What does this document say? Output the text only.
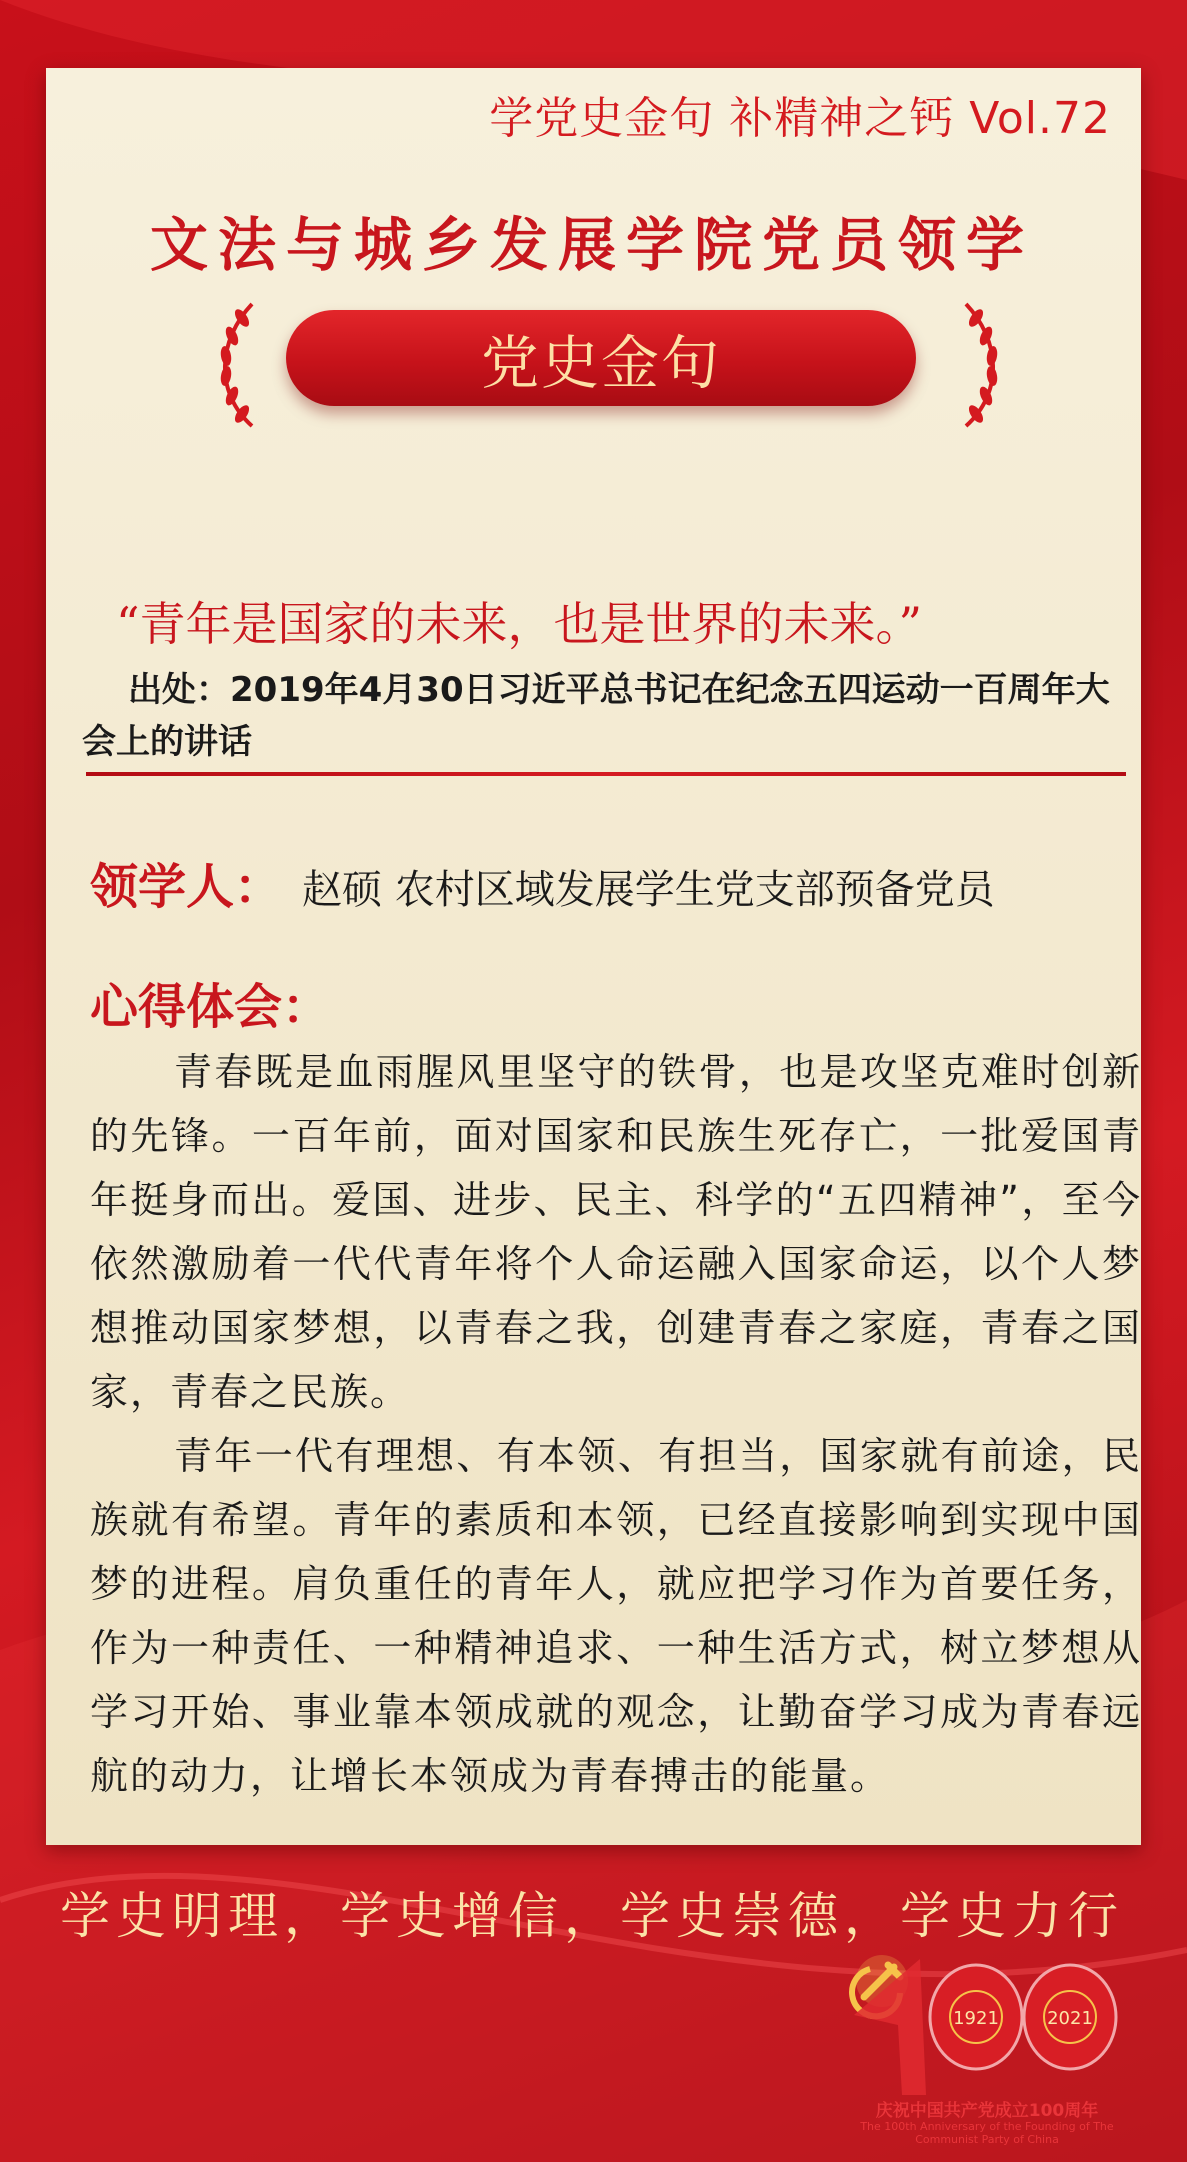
学党史金句 补精神之钙 Vol.72
文法与城乡发展学院党员领学
党史金句
“青年是国家的未来，也是世界的未来。”
出处：2019年4月30日习近平总书记在纪念五四运动一百周年大会上的讲话
领学人： 赵硕 农村区域发展学生党支部预备党员
心得体会：

青春既是血雨腥风里坚守的铁骨，也是攻坚克难时创新的先锋。一百年前，面对国家和民族生死存亡，一批爱国青年挺身而出。爱国、进步、民主、科学的“五四精神”，至今依然激励着一代代青年将个人命运融入国家命运，以个人梦想推动国家梦想，以青春之我，创建青春之家庭，青春之国家，青春之民族。

青年一代有理想、有本领、有担当，国家就有前途，民族就有希望。青年的素质和本领，已经直接影响到实现中国梦的进程。肩负重任的青年人，就应把学习作为首要任务，作为一种责任、一种精神追求、一种生活方式，树立梦想从学习开始、事业靠本领成就的观念，让勤奋学习成为青春远航的动力，让增长本领成为青春搏击的能量。

学史明理，学史增信，学史崇德，学史力行
1921	2021
庆祝中国共产党成立100周年
The 100th Anniversary of the Founding of The Communist Party of China
